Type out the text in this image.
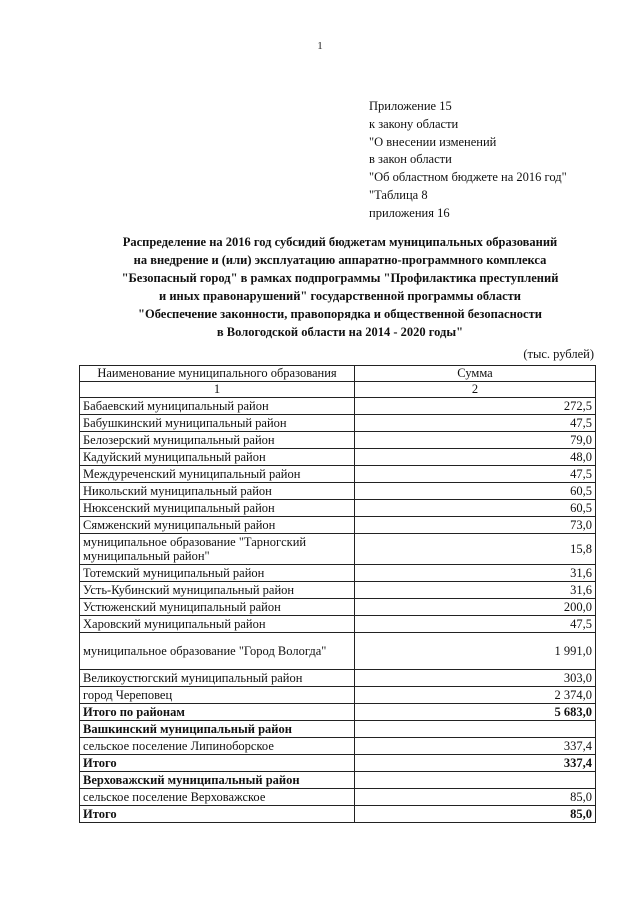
1
Приложение 15
к закону области
"О внесении изменений
в закон области
"Об областном бюджете на 2016 год"
"Таблица 8
приложения 16
Распределение на 2016 год субсидий бюджетам муниципальных образований
на внедрение и (или) эксплуатацию аппаратно-программного комплекса
"Безопасный город" в рамках подпрограммы "Профилактика преступлений
и иных правонарушений" государственной программы области
"Обеспечение законности, правопорядка и общественной безопасности
в Вологодской области на 2014 - 2020 годы"
(тыс. рублей)
Наименование муниципального образования	Сумма
1	2
Бабаевский муниципальный район	272,5
Бабушкинский муниципальный район	47,5
Белозерский муниципальный район	79,0
Кадуйский муниципальный район	48,0
Междуреченский муниципальный район	47,5
Никольский муниципальный район	60,5
Нюксенский муниципальный район	60,5
Сямженский муниципальный район	73,0
муниципальное образование "Тарногский муниципальный район"	15,8
Тотемский муниципальный район	31,6
Усть-Кубинский муниципальный район	31,6
Устюженский муниципальный район	200,0
Харовский муниципальный район	47,5
муниципальное образование "Город Вологда"	1 991,0
Великоустюгский муниципальный район	303,0
город Череповец	2 374,0
Итого по районам	5 683,0
Вашкинский муниципальный район	
сельское поселение Липиноборское	337,4
Итого	337,4
Верховажский муниципальный район	
сельское поселение Верховажское	85,0
Итого	85,0
